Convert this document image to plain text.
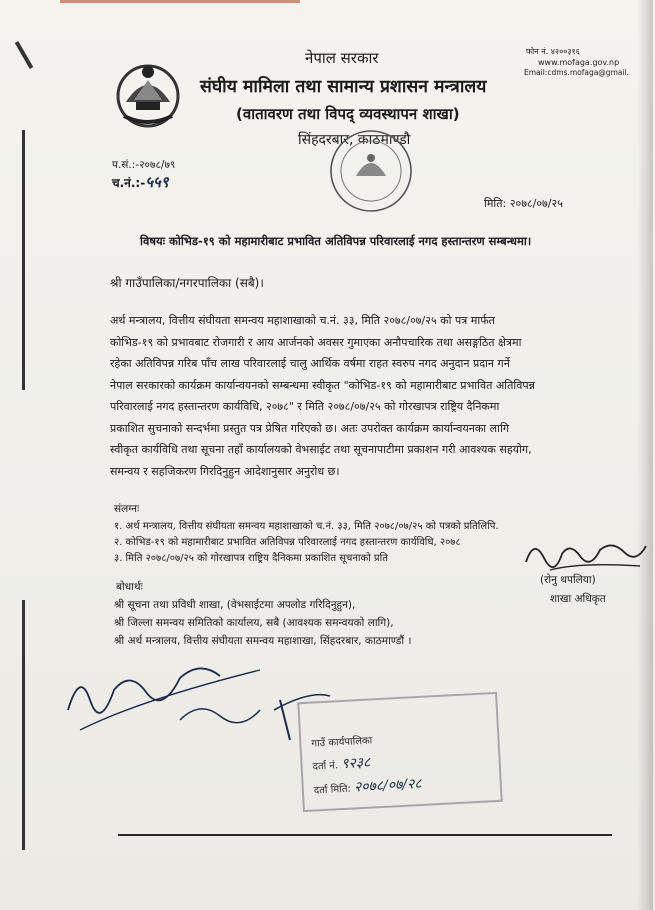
नेपाल सरकार
संघीय मामिला तथा सामान्य प्रशासन मन्त्रालय
(वातावरण तथा विपद् व्यवस्थापन शाखा)
सिंहदरबार, काठमाण्डौ
फोन नं. ४२००३१६
www.mofaga.gov.np
Email:cdms.mofaga@gmail.
प.सं.:-२०७८/७९
च.नं.:-५५९
मिति: २०७८/०७/२५
विषयः कोभिड-१९ को महामारीबाट प्रभावित अतिविपन्न परिवारलाई नगद हस्तान्तरण सम्बन्धमा।
श्री गाउँपालिका/नगरपालिका (सबै)।
अर्थ मन्त्रालय, वित्तीय संघीयता समन्वय महाशाखाको च.नं. ३३, मिति २०७८/०७/२५ को पत्र मार्फत
कोभिड-१९ को प्रभावबाट रोजगारी र आय आर्जनको अवसर गुमाएका अनौपचारिक तथा असङ्गठित क्षेत्रमा
रहेका अतिविपन्न गरिब पाँच लाख परिवारलाई चालु आर्थिक वर्षमा राहत स्वरुप नगद अनुदान प्रदान गर्ने
नेपाल सरकारको कार्यक्रम कार्यान्वयनको सम्बन्धमा स्वीकृत "कोभिड-१९ को महामारीबाट प्रभावित अतिविपन्न
परिवारलाई नगद हस्तान्तरण कार्यविधि, २०७८" र मिति २०७८/०७/२५ को गोरखापत्र राष्ट्रिय दैनिकमा
प्रकाशित सुचनाको सन्दर्भमा प्रस्तुत पत्र प्रेषित गरिएको छ। अतः उपरोक्त कार्यक्रम कार्यान्वयनका लागि
स्वीकृत कार्यविधि तथा सूचना तहाँ कार्यालयको वेभसाईट तथा सूचनापाटीमा प्रकाशन गरी आवश्यक सहयोग,
समन्वय र सहजिकरण गिरदिनुहुन आदेशानुसार अनुरोध छ।
संलग्नः
१. अर्थ मन्त्रालय, वित्तीय संघीयता समन्वय महाशाखाको च.नं. ३३, मिति २०७८/०७/२५ को पत्रको प्रतिलिपि.
२. कोभिड-१९ को महामारीबाट प्रभावित अतिविपन्न परिवारलाई नगद हस्तान्तरण कार्यविधि, २०७८
३. मिति २०७८/०७/२५ को गोरखापत्र राष्ट्रिय दैनिकमा प्रकाशित सूचनाको प्रति
(रोनु थपलिया)
शाखा अधिकृत
बोधार्थः
श्री सूचना तथा प्रविधी शाखा, (वेभसाईटमा अपलोड गरिदिनुहुन),
श्री जिल्ला समन्वय समितिको कार्यालय, सबै (आवश्यक समन्वयको लागि),
श्री अर्थ मन्त्रालय, वित्तीय संघीयता समन्वय महाशाखा, सिंहदरबार, काठमाण्डौं ।
गाउँ कार्यपालिका
दर्ता नं. ९२३८
दर्ता मिति: २०७८/०७/२८
